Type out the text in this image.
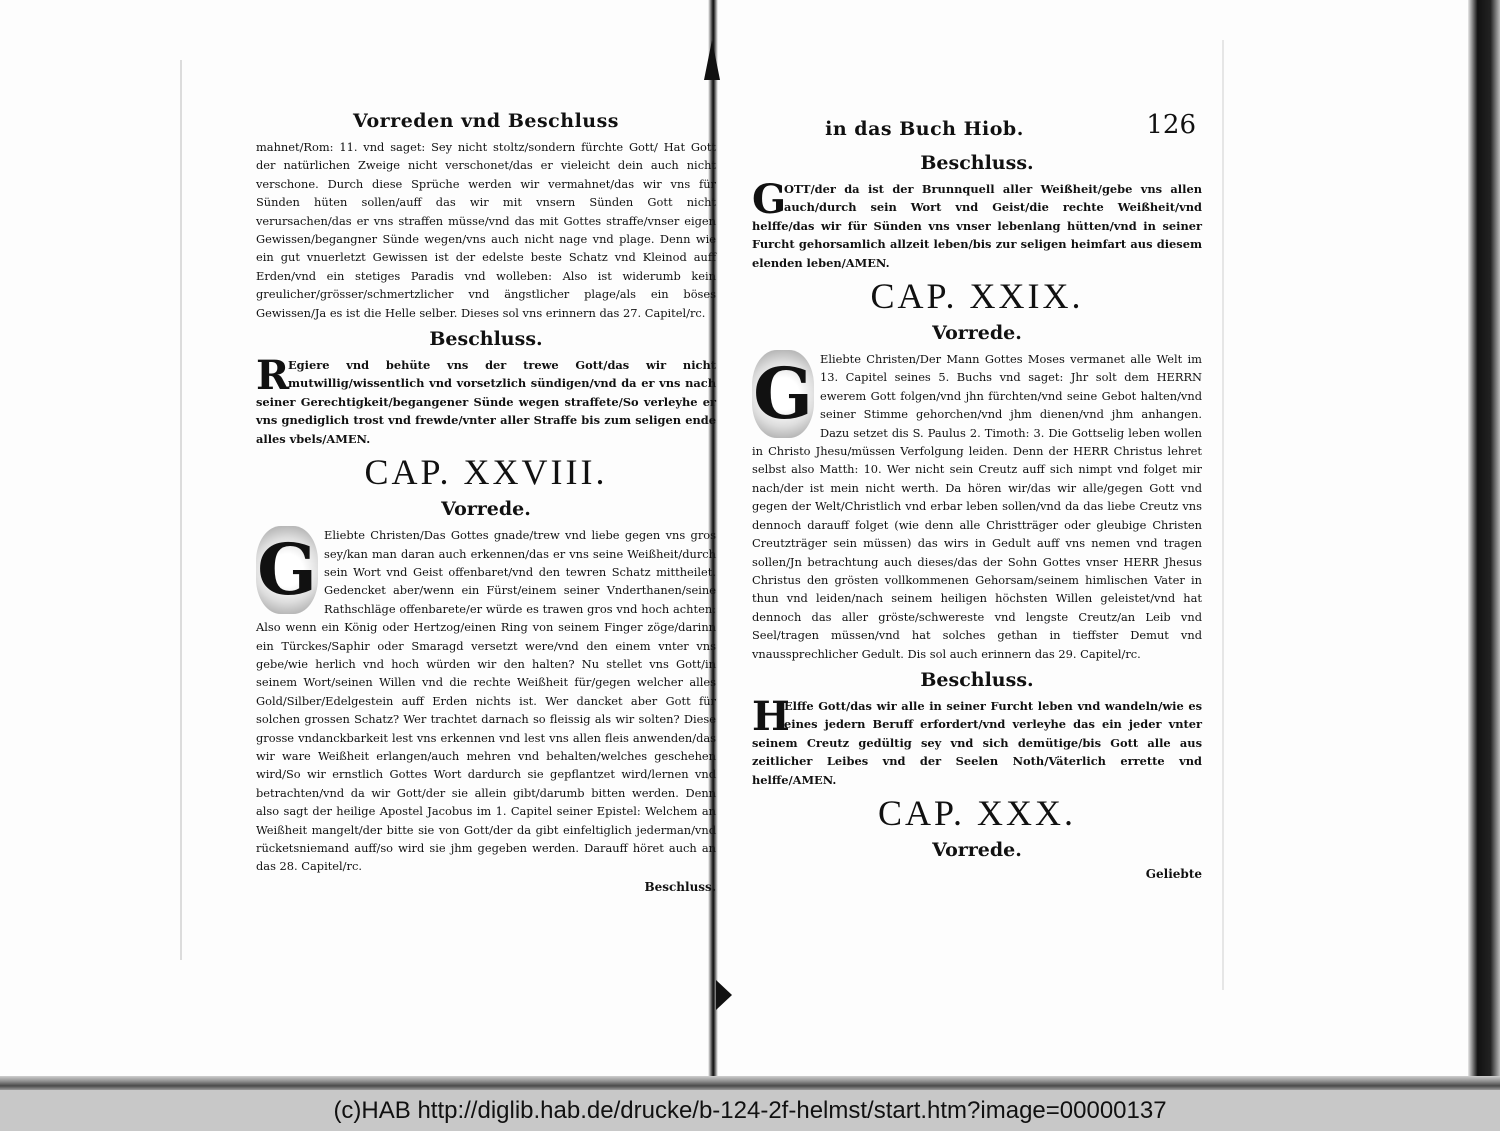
Vorreden vnd Beschluss

mahnet/Rom: 11. vnd saget: Sey nicht stoltz/sondern fürchte Gott/ Hat Gott der natürlichen Zweige nicht verschonet/das er vieleicht dein auch nicht verschone. Durch diese Sprüche werden wir vermahnet/das wir vns für Sünden hüten sollen/auff das wir mit vnsern Sünden Gott nicht verursachen/das er vns straffen müsse/vnd das mit Gottes straffe/vnser eigen Gewissen/begangner Sünde wegen/vns auch nicht nage vnd plage. Denn wie ein gut vnuerletzt Gewissen ist der edelste beste Schatz vnd Kleinod auff Erden/vnd ein stetiges Paradis vnd wolleben: Also ist widerumb kein greulicher/grösser/schmertzlicher vnd ängstlicher plage/als ein böses Gewissen/Ja es ist die Helle selber. Dieses sol vns erinnern das 27. Capitel/rc.

Beschluss.

R
Egiere vnd behüte vns der trewe Gott/das wir nicht mutwillig/wissentlich vnd vorsetzlich sündigen/vnd da er vns nach seiner Gerechtigkeit/begangener Sünde wegen straffete/So verleyhe er vns gnediglich trost vnd frewde/vnter aller Straffe bis zum seligen ende alles vbels/AMEN.

CAP. XXVIII.
Vorrede.

G Eliebte Christen/Das Gottes gnade/trew vnd liebe gegen vns gros sey/kan man daran auch erkennen/das er vns seine Weißheit/durch sein Wort vnd Geist offenbaret/vnd den tewren Schatz mittheilet. Gedencket aber/wenn ein Fürst/einem seiner Vnderthanen/seine Rathschläge offenbarete/er würde es trawen gros vnd hoch achten: Also wenn ein König oder Hertzog/einen Ring von seinem Finger zöge/darinn ein Türckes/Saphir oder Smaragd versetzt were/vnd den einem vnter vns gebe/wie herlich vnd hoch würden wir den halten? Nu stellet vns Gott/in seinem Wort/seinen Willen vnd die rechte Weißheit für/gegen welcher alles Gold/Silber/Edelgestein auff Erden nichts ist. Wer dancket aber Gott für solchen grossen Schatz? Wer trachtet darnach so fleissig als wir solten? Diese grosse vndanckbarkeit lest vns erkennen vnd lest vns allen fleis anwenden/das wir ware Weißheit erlangen/auch mehren vnd behalten/welches geschehen wird/So wir ernstlich Gottes Wort dardurch sie gepflantzet wird/lernen vnd betrachten/vnd da wir Gott/der sie allein gibt/darumb bitten werden. Denn also sagt der heilige Apostel Jacobus im 1. Capitel seiner Epistel: Welchem an Weißheit mangelt/der bitte sie von Gott/der da gibt einfeltiglich jederman/vnd rücketsniemand auff/so wird sie jhm gegeben werden. Darauff höret auch an das 28. Capitel/rc.

Beschluss.
in das Buch Hiob.	126
Beschluss.

G
OTT/der da ist der Brunnquell aller Weißheit/gebe vns allen auch/durch sein Wort vnd Geist/die rechte Weißheit/vnd helffe/das wir für Sünden vns vnser lebenlang hütten/vnd in seiner Furcht gehorsamlich allzeit leben/bis zur seligen heimfart aus diesem elenden leben/AMEN.

CAP. XXIX.
Vorrede.

G Eliebte Christen/Der Mann Gottes Moses vermanet alle Welt im 13. Capitel seines 5. Buchs vnd saget: Jhr solt dem HERRN ewerem Gott folgen/vnd jhn fürchten/vnd seine Gebot halten/vnd seiner Stimme gehorchen/vnd jhm dienen/vnd jhm anhangen. Dazu setzet dis S. Paulus 2. Timoth: 3. Die Gottselig leben wollen in Christo Jhesu/müssen Verfolgung leiden. Denn der HERR Christus lehret selbst also Matth: 10. Wer nicht sein Creutz auff sich nimpt vnd folget mir nach/der ist mein nicht werth. Da hören wir/das wir alle/gegen Gott vnd gegen der Welt/Christlich vnd erbar leben sollen/vnd da das liebe Creutz vns dennoch darauff folget (wie denn alle Christträger oder gleubige Christen Creutzträger sein müssen) das wirs in Gedult auff vns nemen vnd tragen sollen/Jn betrachtung auch dieses/das der Sohn Gottes vnser HERR Jhesus Christus den grösten vollkommenen Gehorsam/seinem himlischen Vater in thun vnd leiden/nach seinem heiligen höchsten Willen geleistet/vnd hat dennoch das aller gröste/schwereste vnd lengste Creutz/an Leib vnd Seel/tragen müssen/vnd hat solches gethan in tieffster Demut vnd vnaussprechlicher Gedult. Dis sol auch erinnern das 29. Capitel/rc.

Beschluss.

H
Elffe Gott/das wir alle in seiner Furcht leben vnd wandeln/wie es eines jedern Beruff erfordert/vnd verleyhe das ein jeder vnter seinem Creutz gedültig sey vnd sich demütige/bis Gott alle aus zeitlicher Leibes vnd der Seelen Noth/Väterlich errette vnd helffe/AMEN.

CAP. XXX.
Vorrede.
Geliebte
(c)HAB http://diglib.hab.de/drucke/b-124-2f-helmst/start.htm?image=00000137
